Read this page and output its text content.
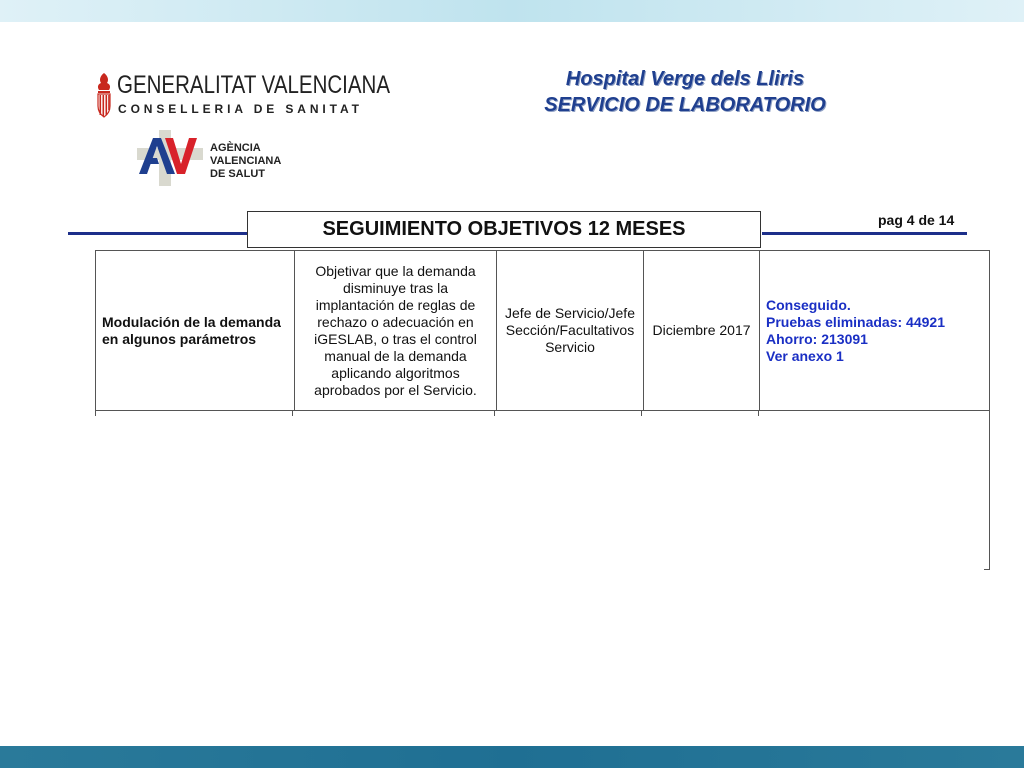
GENERALITAT VALENCIANA
CONSELLERIA DE SANITAT
AGÈNCIA
VALENCIANA
DE SALUT
Hospital Verge dels Lliris
SERVICIO DE LABORATORIO
SEGUIMIENTO OBJETIVOS 12 MESES	pag 4 de 14
Modulación de la demanda en algunos parámetros
Objetivar que la demanda disminuye tras la implantación de reglas de rechazo o adecuación en iGESLAB, o tras el control manual de la demanda aplicando algoritmos aprobados por el Servicio.
Jefe de Servicio/Jefe Sección/Facultativos Servicio
Diciembre 2017
Conseguido.
Pruebas eliminadas: 44921
Ahorro: 213091
Ver anexo 1
